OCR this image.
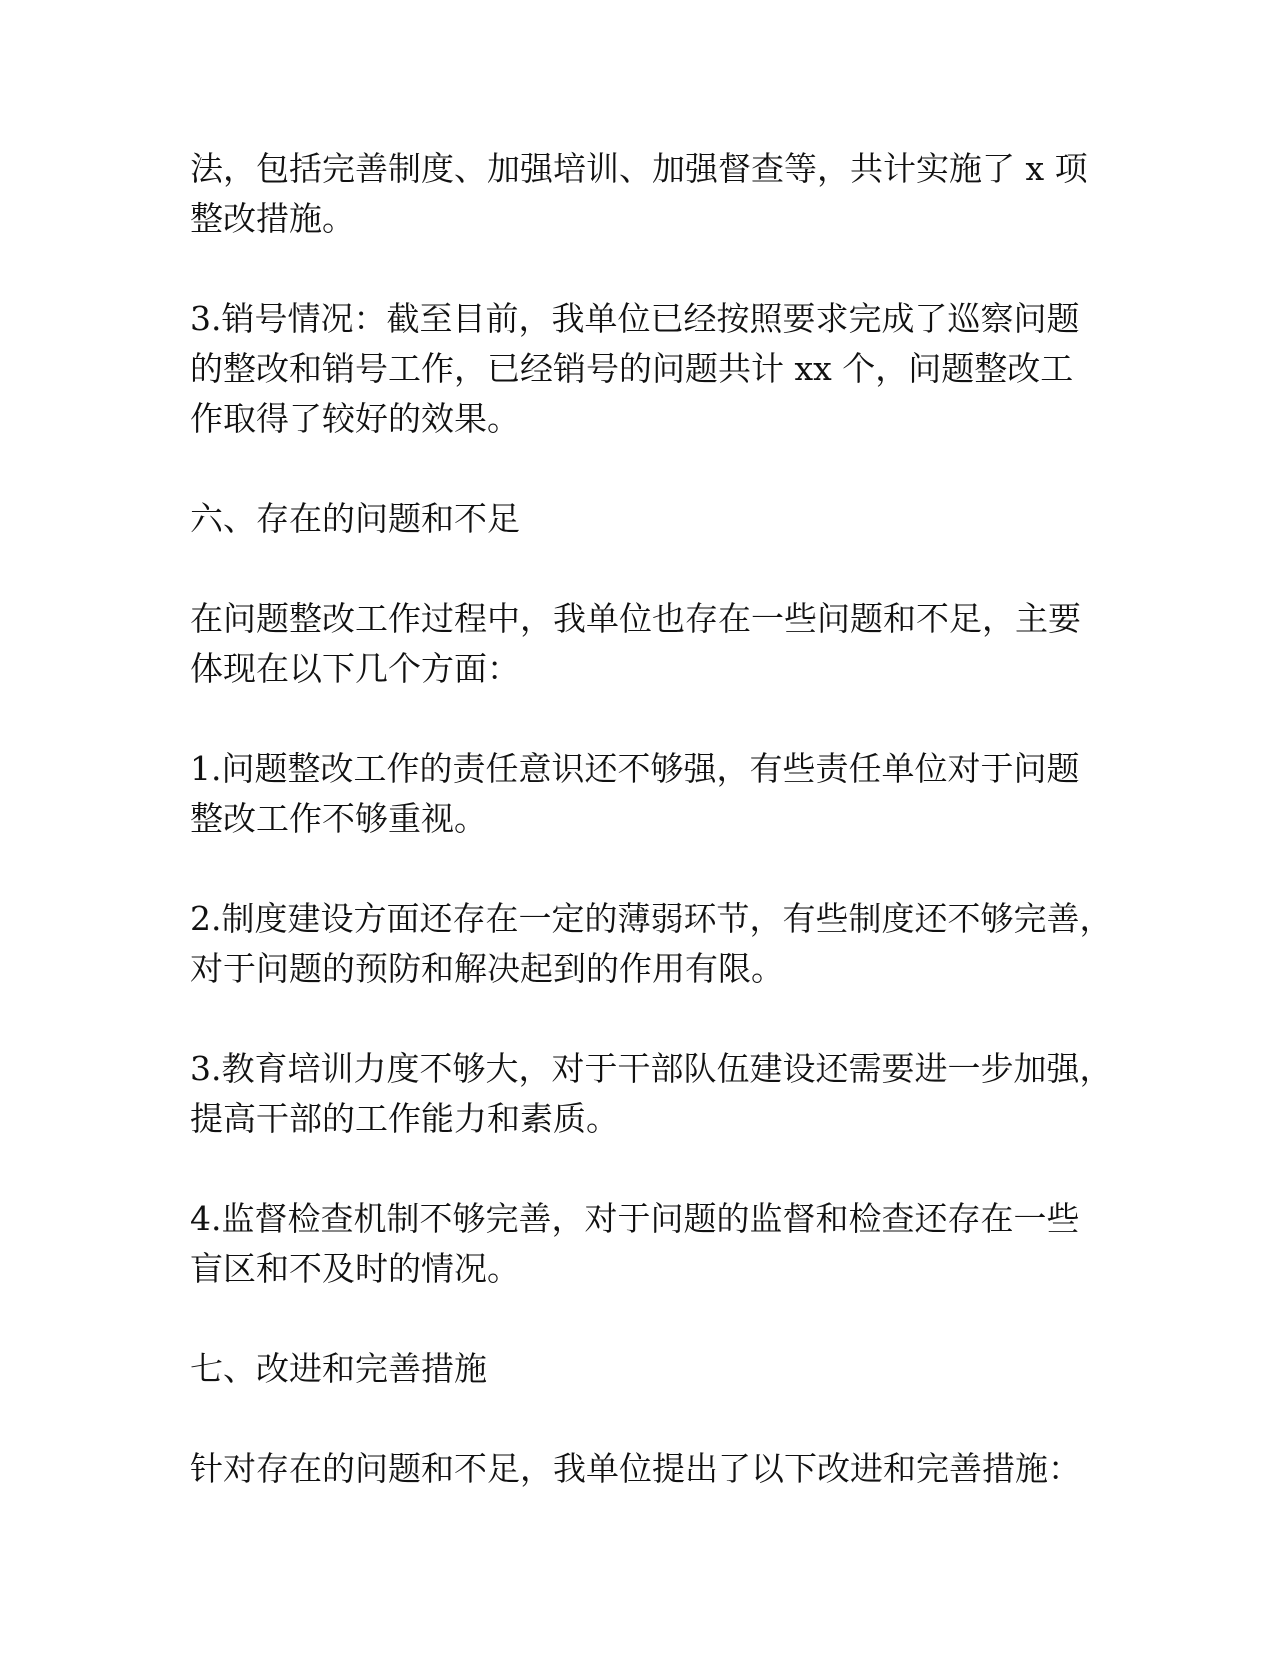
法，包括完善制度、加强培训、加强督查等，共计实施了 x 项
整改措施。

3.销号情况：截至目前，我单位已经按照要求完成了巡察问题
的整改和销号工作，已经销号的问题共计 xx 个，问题整改工
作取得了较好的效果。

六、存在的问题和不足

在问题整改工作过程中，我单位也存在一些问题和不足，主要
体现在以下几个方面：

1.问题整改工作的责任意识还不够强，有些责任单位对于问题
整改工作不够重视。

2.制度建设方面还存在一定的薄弱环节，有些制度还不够完善，
对于问题的预防和解决起到的作用有限。

3.教育培训力度不够大，对于干部队伍建设还需要进一步加强，
提高干部的工作能力和素质。

4.监督检查机制不够完善，对于问题的监督和检查还存在一些
盲区和不及时的情况。

七、改进和完善措施

针对存在的问题和不足，我单位提出了以下改进和完善措施：
